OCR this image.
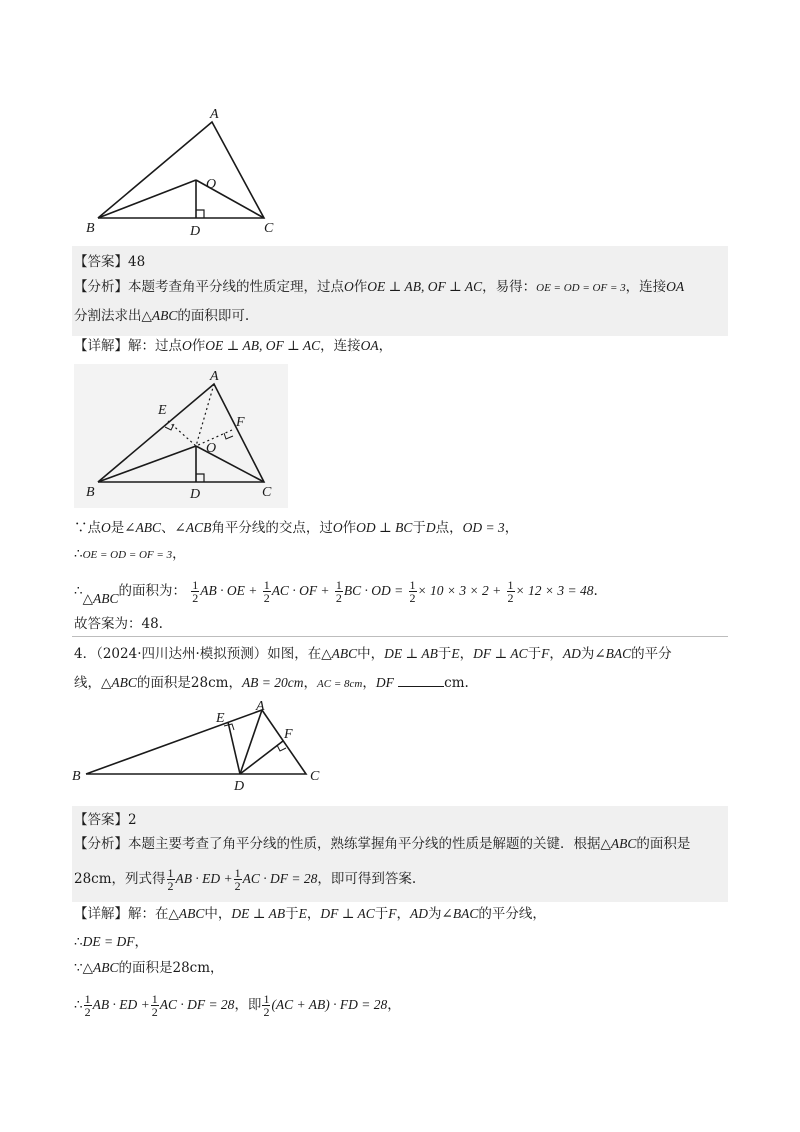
A
B	C
O
D
【答案】48
【分析】本题考查角平分线的性质定理，过点O作OE ⊥ AB, OF ⊥ AC，易得：OE = OD = OF = 3，连接OA
分割法求出△ABC的面积即可.
【详解】解：过点O作OE ⊥ AB, OF ⊥ AC，连接OA，
A
B	C
O
D
E
F
∵点O是∠ABC、∠ACB角平分线的交点，过O作OD ⊥ BC于D点，OD = 3，
∴OE = OD = OF = 3，
∴△ABC的面积为： $\frac{1}{2}$ AB · OE + $\frac{1}{2}$ AC · OF + $\frac{1}{2}$ BC · OD = $\frac{1}{2} \times 10 \times 3 \times 2 + \frac{1}{2} \times 12 \times 3 = 48$.
故答案为：48.
4．（2024·四川达州·模拟预测）如图，在△ABC中，DE ⊥ AB于E，DF ⊥ AC于F，AD为∠BAC的平分
线，△ABC的面积是28cm，AB = 20cm，AC = 8cm，DF	cm.
A
B	C
D
E
F
【答案】2
【分析】本题主要考查了角平分线的性质，熟练掌握角平分线的性质是解题的关键．根据△ABC的面积是
28cm，列式得 $\frac{1}{2}$ AB · ED + $\frac{1}{2}$ AC · DF = 28，即可得到答案.
【详解】解：在△ABC中，DE ⊥ AB于E，DF ⊥ AC于F，AD为∠BAC的平分线，
∴DE = DF，
∵△ABC的面积是28cm，
∴ $\frac{1}{2}$ AB · ED + $\frac{1}{2}$ AC · DF = 28，即 $\frac{1}{2} (AC + AB)$ · FD = 28，
